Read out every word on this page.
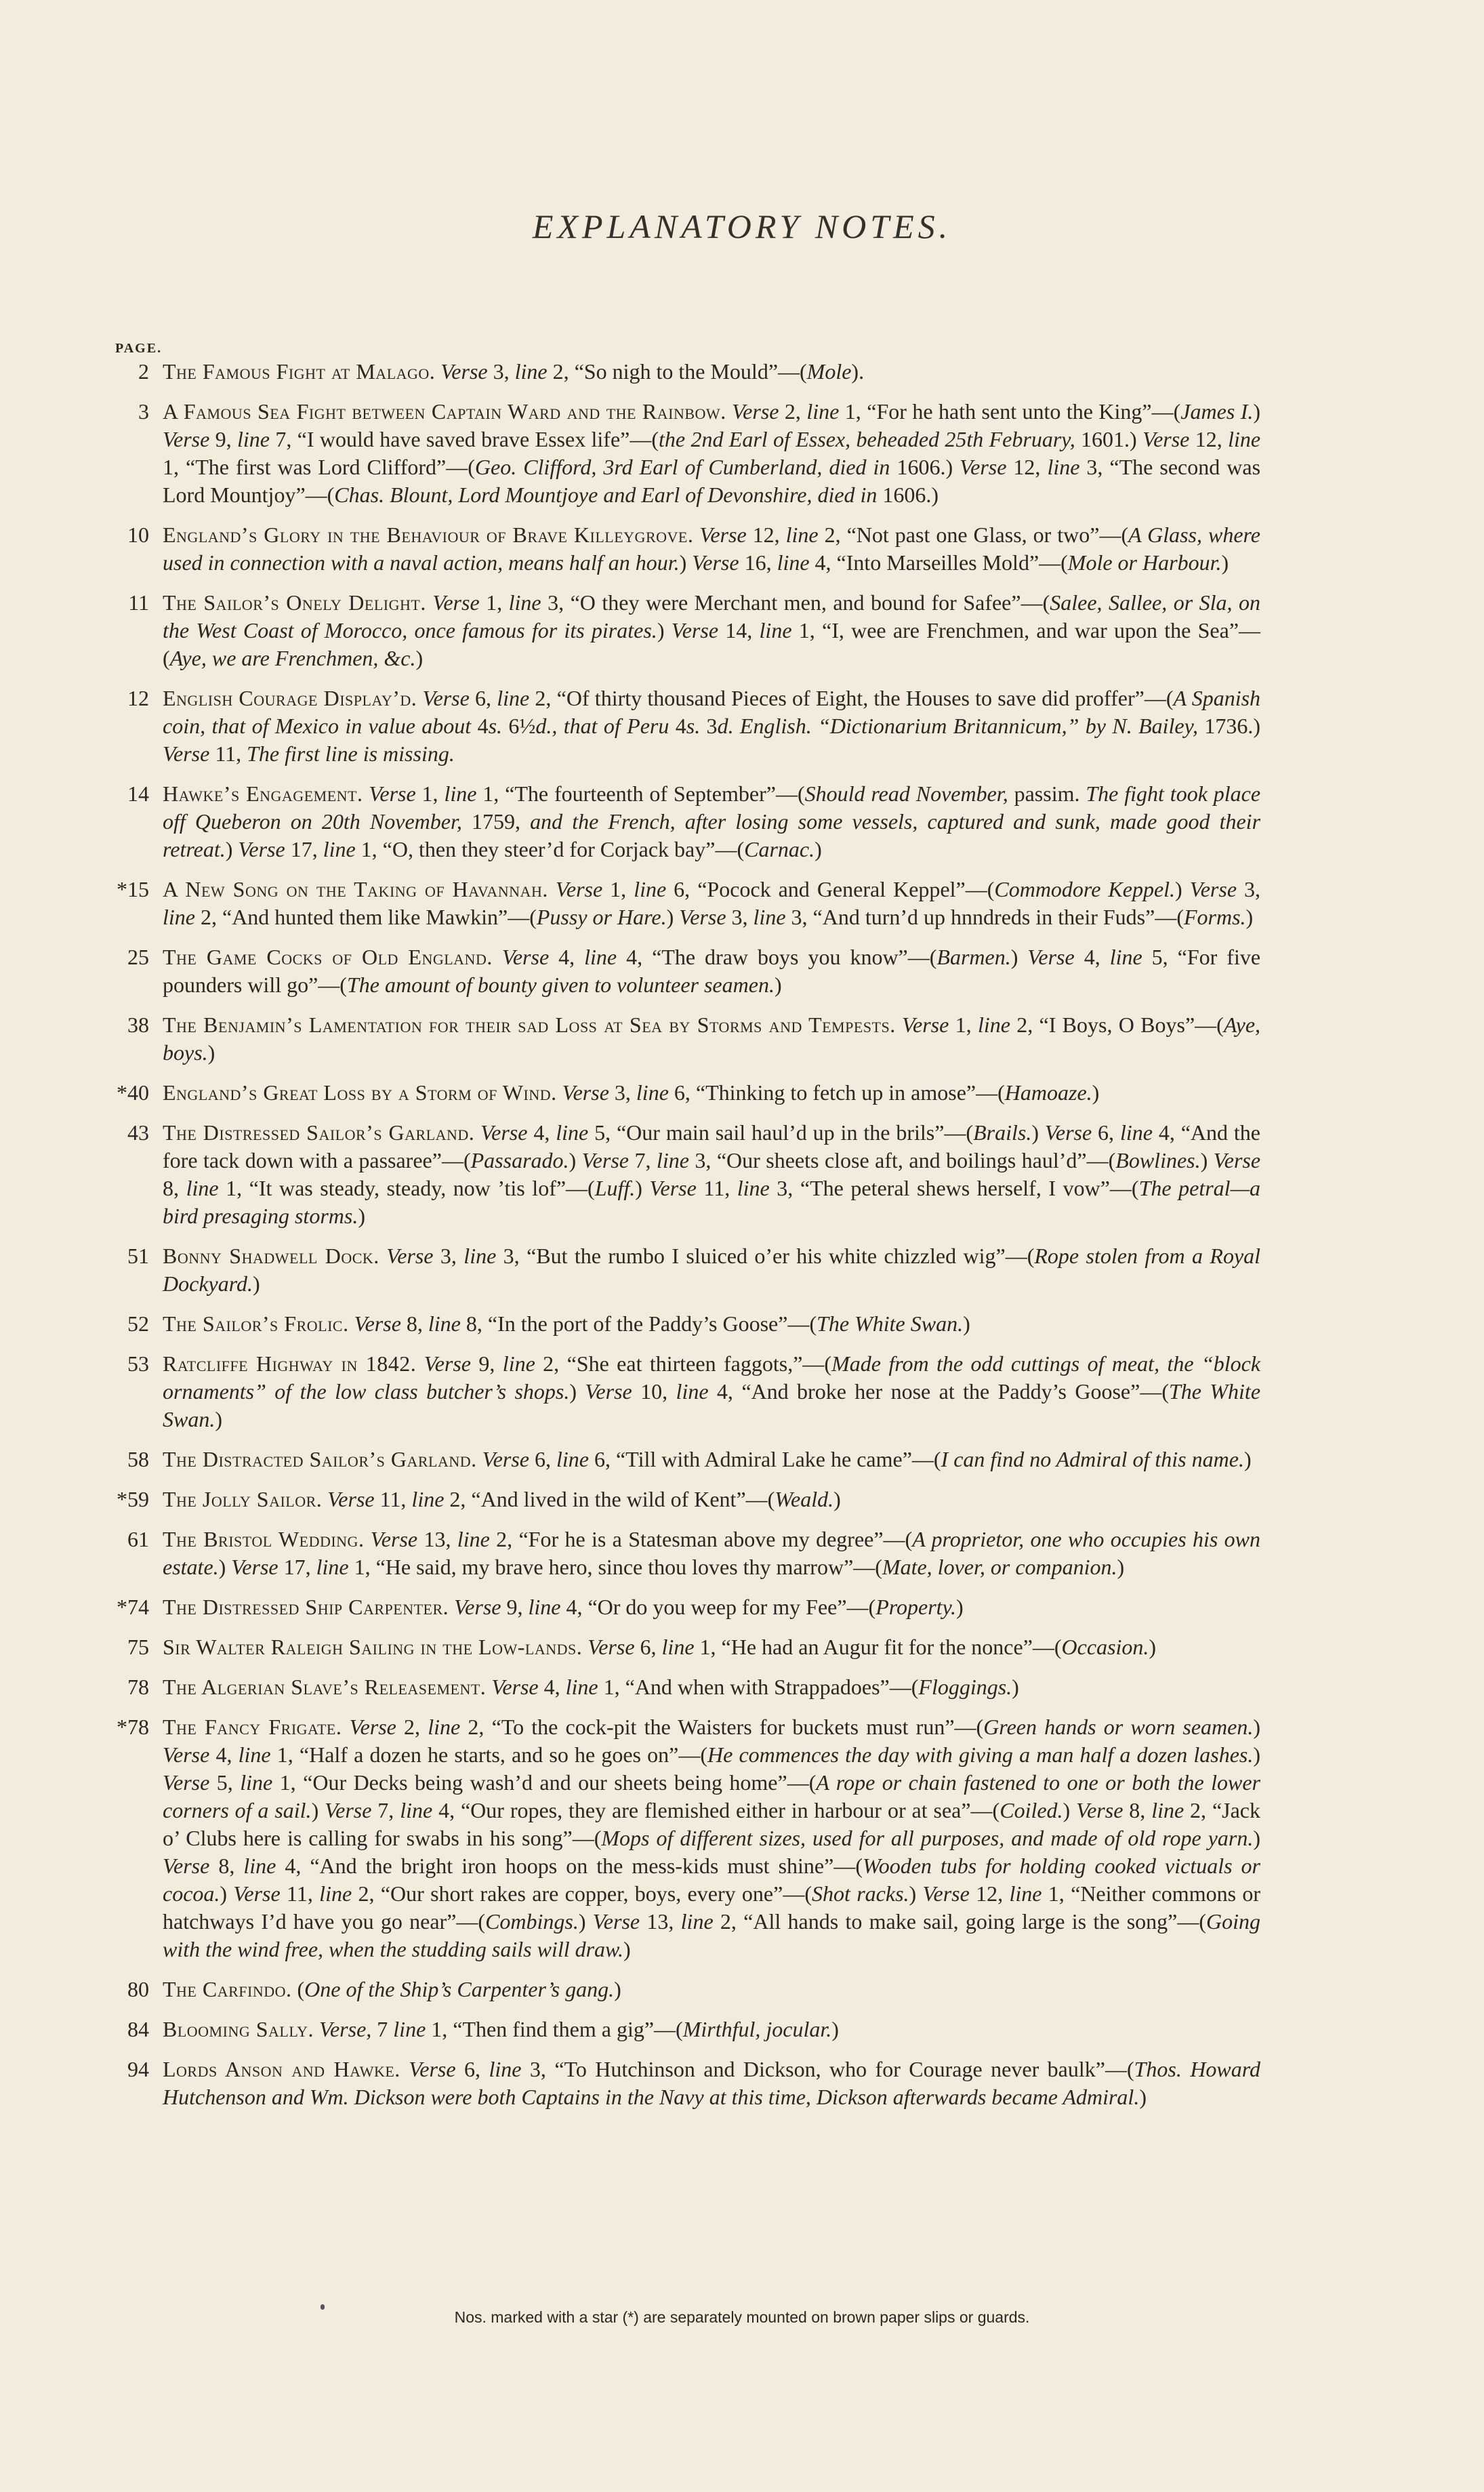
EXPLANATORY NOTES.
PAGE.
2 The Famous Fight at Malago. Verse 3, line 2, “So nigh to the Mould”—(Mole).
3 A Famous Sea Fight between Captain Ward and the Rainbow. Verse 2, line 1, “For he hath sent unto the King”—(James I.) Verse 9, line 7, “I would have saved brave Essex life”—(the 2nd Earl of Essex, beheaded 25th February, 1601.) Verse 12, line 1, “The first was Lord Clifford”—(Geo. Clifford, 3rd Earl of Cumberland, died in 1606.) Verse 12, line 3, “The second was Lord Mountjoy”—(Chas. Blount, Lord Mountjoye and Earl of Devonshire, died in 1606.)
10 England’s Glory in the Behaviour of Brave Killeygrove. Verse 12, line 2, “Not past one Glass, or two”—(A Glass, where used in connection with a naval action, means half an hour.) Verse 16, line 4, “Into Marseilles Mold”—(Mole or Harbour.)
11 The Sailor’s Onely Delight. Verse 1, line 3, “O they were Merchant men, and bound for Safee”—(Salee, Sallee, or Sla, on the West Coast of Morocco, once famous for its pirates.) Verse 14, line 1, “I, wee are Frenchmen, and war upon the Sea”—(Aye, we are Frenchmen, &c.)
12 English Courage Display’d. Verse 6, line 2, “Of thirty thousand Pieces of Eight, the Houses to save did proffer”—(A Spanish coin, that of Mexico in value about 4s. 6½d., that of Peru 4s. 3d. English. “Dictionarium Britannicum,” by N. Bailey, 1736.) Verse 11, The first line is missing.
14 Hawke’s Engagement. Verse 1, line 1, “The fourteenth of September”—(Should read November, passim. The fight took place off Queberon on 20th November, 1759, and the French, after losing some vessels, captured and sunk, made good their retreat.) Verse 17, line 1, “O, then they steer’d for Corjack bay”—(Carnac.)
*15 A New Song on the Taking of Havannah. Verse 1, line 6, “Pocock and General Keppel”—(Commodore Keppel.) Verse 3, line 2, “And hunted them like Mawkin”—(Pussy or Hare.) Verse 3, line 3, “And turn’d up hnndreds in their Fuds”—(Forms.)
25 The Game Cocks of Old England. Verse 4, line 4, “The draw boys you know”—(Barmen.) Verse 4, line 5, “For five pounders will go”—(The amount of bounty given to volunteer seamen.)
38 The Benjamin’s Lamentation for their sad Loss at Sea by Storms and Tempests. Verse 1, line 2, “I Boys, O Boys”—(Aye, boys.)
*40 England’s Great Loss by a Storm of Wind. Verse 3, line 6, “Thinking to fetch up in amose”—(Hamoaze.)
43 The Distressed Sailor’s Garland. Verse 4, line 5, “Our main sail haul’d up in the brils”—(Brails.) Verse 6, line 4, “And the fore tack down with a passaree”—(Passarado.) Verse 7, line 3, “Our sheets close aft, and boilings haul’d”—(Bowlines.) Verse 8, line 1, “It was steady, steady, now ’tis lof”—(Luff.) Verse 11, line 3, “The peteral shews herself, I vow”—(The petral—a bird presaging storms.)
51 Bonny Shadwell Dock. Verse 3, line 3, “But the rumbo I sluiced o’er his white chizzled wig”—(Rope stolen from a Royal Dockyard.)
52 The Sailor’s Frolic. Verse 8, line 8, “In the port of the Paddy’s Goose”—(The White Swan.)
53 Ratcliffe Highway in 1842. Verse 9, line 2, “She eat thirteen faggots,”—(Made from the odd cuttings of meat, the “block ornaments” of the low class butcher’s shops.) Verse 10, line 4, “And broke her nose at the Paddy’s Goose”—(The White Swan.)
58 The Distracted Sailor’s Garland. Verse 6, line 6, “Till with Admiral Lake he came”—(I can find no Admiral of this name.)
*59 The Jolly Sailor. Verse 11, line 2, “And lived in the wild of Kent”—(Weald.)
61 The Bristol Wedding. Verse 13, line 2, “For he is a Statesman above my degree”—(A proprietor, one who occupies his own estate.) Verse 17, line 1, “He said, my brave hero, since thou loves thy marrow”—(Mate, lover, or companion.)
*74 The Distressed Ship Carpenter. Verse 9, line 4, “Or do you weep for my Fee”—(Property.)
75 Sir Walter Raleigh Sailing in the Low-lands. Verse 6, line 1, “He had an Augur fit for the nonce”—(Occasion.)
78 The Algerian Slave’s Releasement. Verse 4, line 1, “And when with Strappadoes”—(Floggings.)
*78 The Fancy Frigate. Verse 2, line 2, “To the cock-pit the Waisters for buckets must run”—(Green hands or worn seamen.) Verse 4, line 1, “Half a dozen he starts, and so he goes on”—(He commences the day with giving a man half a dozen lashes.) Verse 5, line 1, “Our Decks being wash’d and our sheets being home”—(A rope or chain fastened to one or both the lower corners of a sail.) Verse 7, line 4, “Our ropes, they are flemished either in harbour or at sea”—(Coiled.) Verse 8, line 2, “Jack o’ Clubs here is calling for swabs in his song”—(Mops of different sizes, used for all purposes, and made of old rope yarn.) Verse 8, line 4, “And the bright iron hoops on the mess-kids must shine”—(Wooden tubs for holding cooked victuals or cocoa.) Verse 11, line 2, “Our short rakes are copper, boys, every one”—(Shot racks.) Verse 12, line 1, “Neither commons or hatchways I’d have you go near”—(Combings.) Verse 13, line 2, “All hands to make sail, going large is the song”—(Going with the wind free, when the studding sails will draw.)
80 The Carfindo. (One of the Ship’s Carpenter’s gang.)
84 Blooming Sally. Verse, 7 line 1, “Then find them a gig”—(Mirthful, jocular.)
94 Lords Anson and Hawke. Verse 6, line 3, “To Hutchinson and Dickson, who for Courage never baulk”—(Thos. Howard Hutchenson and Wm. Dickson were both Captains in the Navy at this time, Dickson afterwards became Admiral.)
Nos. marked with a star (*) are separately mounted on brown paper slips or guards.
